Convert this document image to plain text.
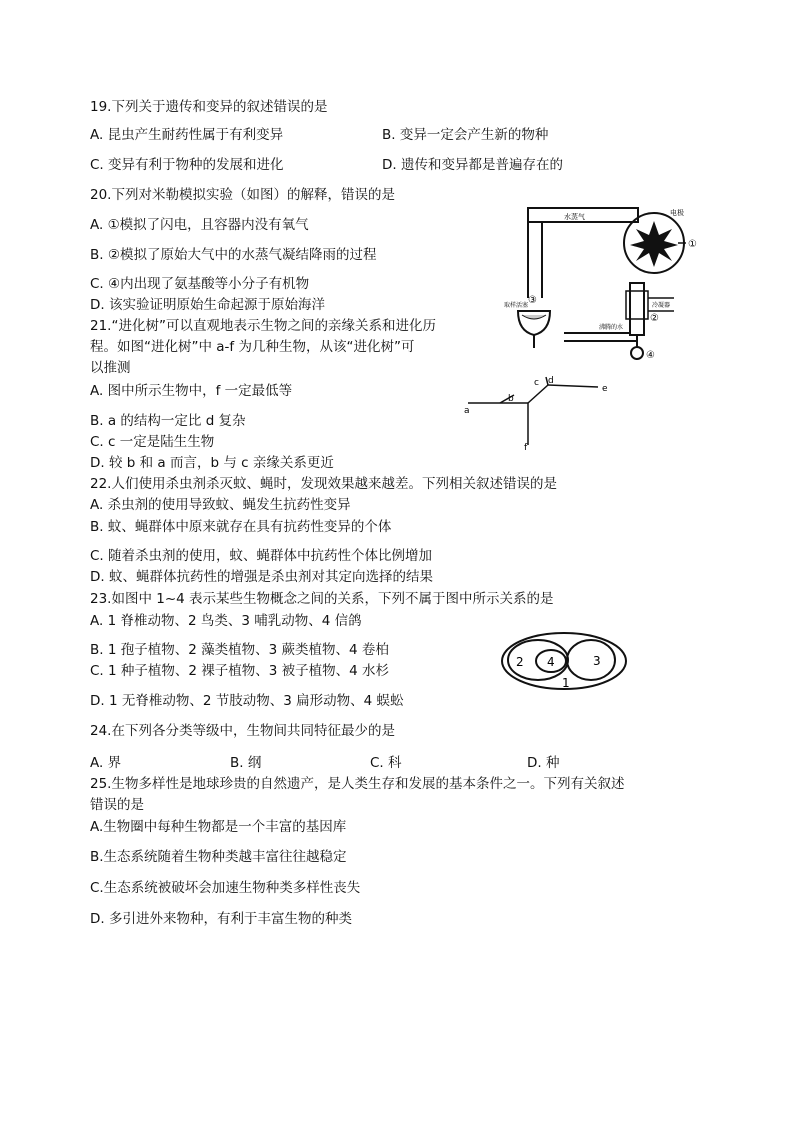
19.下列关于遗传和变异的叙述错误的是
A. 昆虫产生耐药性属于有利变异	B. 变异一定会产生新的物种
C. 变异有利于物种的发展和进化	D. 遗传和变异都是普遍存在的
20.下列对米勒模拟实验（如图）的解释，错误的是
A. ①模拟了闪电，且容器内没有氧气
B. ②模拟了原始大气中的水蒸气凝结降雨的过程
C. ④内出现了氨基酸等小分子有机物
D. 该实验证明原始生命起源于原始海洋
水蒸气	电极
取样活塞
沸腾的水
冷凝器
①
②
③
④
21.“进化树”可以直观地表示生物之间的亲缘关系和进化历
程。如图“进化树”中 a-f 为几种生物，从该“进化树”可
以推测
A. 图中所示生物中，f 一定最低等
B. a 的结构一定比 d 复杂
C. c 一定是陆生生物
D. 较 b 和 a 而言，b 与 c 亲缘关系更近
a
b
c d
e
f
22.人们使用杀虫剂杀灭蚊、蝇时，发现效果越来越差。下列相关叙述错误的是
A. 杀虫剂的使用导致蚊、蝇发生抗药性变异
B. 蚊、蝇群体中原来就存在具有抗药性变异的个体
C. 随着杀虫剂的使用，蚊、蝇群体中抗药性个体比例增加
D. 蚊、蝇群体抗药性的增强是杀虫剂对其定向选择的结果
23.如图中 1~4 表示某些生物概念之间的关系，下列不属于图中所示关系的是
A. 1 脊椎动物、2 鸟类、3 哺乳动物、4 信鸽
B. 1 孢子植物、2 藻类植物、3 蕨类植物、4 卷柏
C. 1 种子植物、2 裸子植物、3 被子植物、4 水杉
D. 1 无脊椎动物、2 节肢动物、3 扁形动物、4 蜈蚣
2 4	3
1
24.在下列各分类等级中，生物间共同特征最少的是
A. 界	B. 纲	C. 科	D. 种
25.生物多样性是地球珍贵的自然遗产，是人类生存和发展的基本条件之一。下列有关叙述
错误的是
A.生物圈中每种生物都是一个丰富的基因库
B.生态系统随着生物种类越丰富往往越稳定
C.生态系统被破坏会加速生物种类多样性丧失
D. 多引进外来物种，有利于丰富生物的种类
